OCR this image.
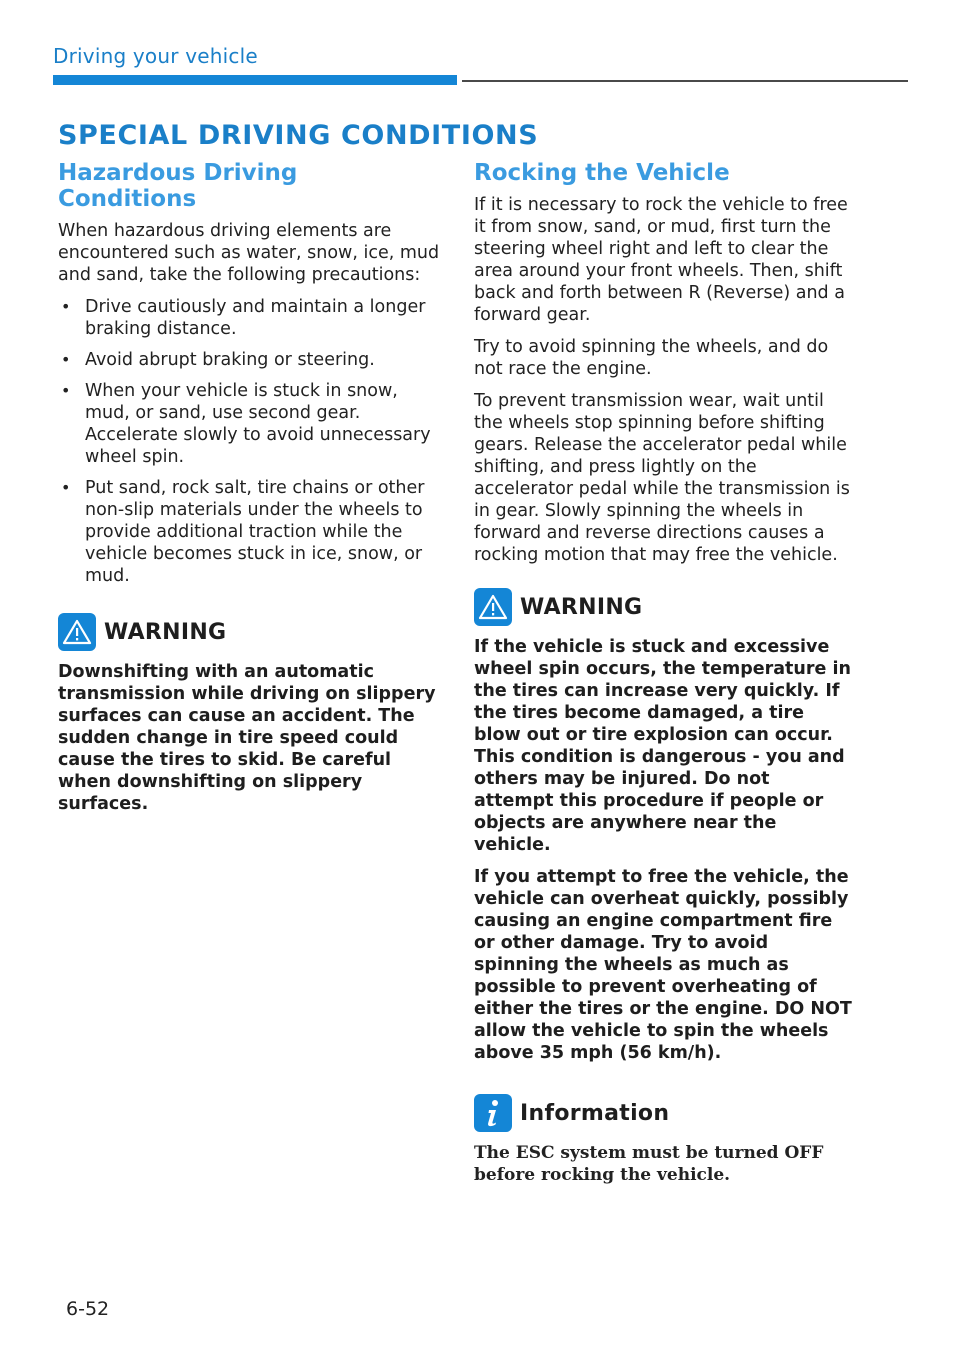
Driving your vehicle
SPECIAL DRIVING CONDITIONS
Hazardous Driving Conditions

When hazardous driving elements are encountered such as water, snow, ice, mud and sand, take the following precautions:

• Drive cautiously and maintain a longer braking distance.
• Avoid abrupt braking or steering.
• When your vehicle is stuck in snow, mud, or sand, use second gear. Accelerate slowly to avoid unnecessary wheel spin.
• Put sand, rock salt, tire chains or other non-slip materials under the wheels to provide additional traction while the vehicle becomes stuck in ice, snow, or mud.
WARNING

Downshifting with an automatic transmission while driving on slippery surfaces can cause an accident. The sudden change in tire speed could cause the tires to skid. Be careful when downshifting on slippery surfaces.

Rocking the Vehicle

If it is necessary to rock the vehicle to free it from snow, sand, or mud, first turn the steering wheel right and left to clear the area around your front wheels. Then, shift back and forth between R (Reverse) and a forward gear.

Try to avoid spinning the wheels, and do not race the engine.

To prevent transmission wear, wait until the wheels stop spinning before shifting gears. Release the accelerator pedal while shifting, and press lightly on the accelerator pedal while the transmission is in gear. Slowly spinning the wheels in forward and reverse directions causes a rocking motion that may free the vehicle.

WARNING

If the vehicle is stuck and excessive wheel spin occurs, the temperature in the tires can increase very quickly. If the tires become damaged, a tire blow out or tire explosion can occur. This condition is dangerous - you and others may be injured. Do not attempt this procedure if people or objects are anywhere near the vehicle.

If you attempt to free the vehicle, the vehicle can overheat quickly, possibly causing an engine compartment fire or other damage. Try to avoid spinning the wheels as much as possible to prevent overheating of either the tires or the engine. DO NOT allow the vehicle to spin the wheels above 35 mph (56 km/h).

Information

The ESC system must be turned OFF before rocking the vehicle.

6-52
